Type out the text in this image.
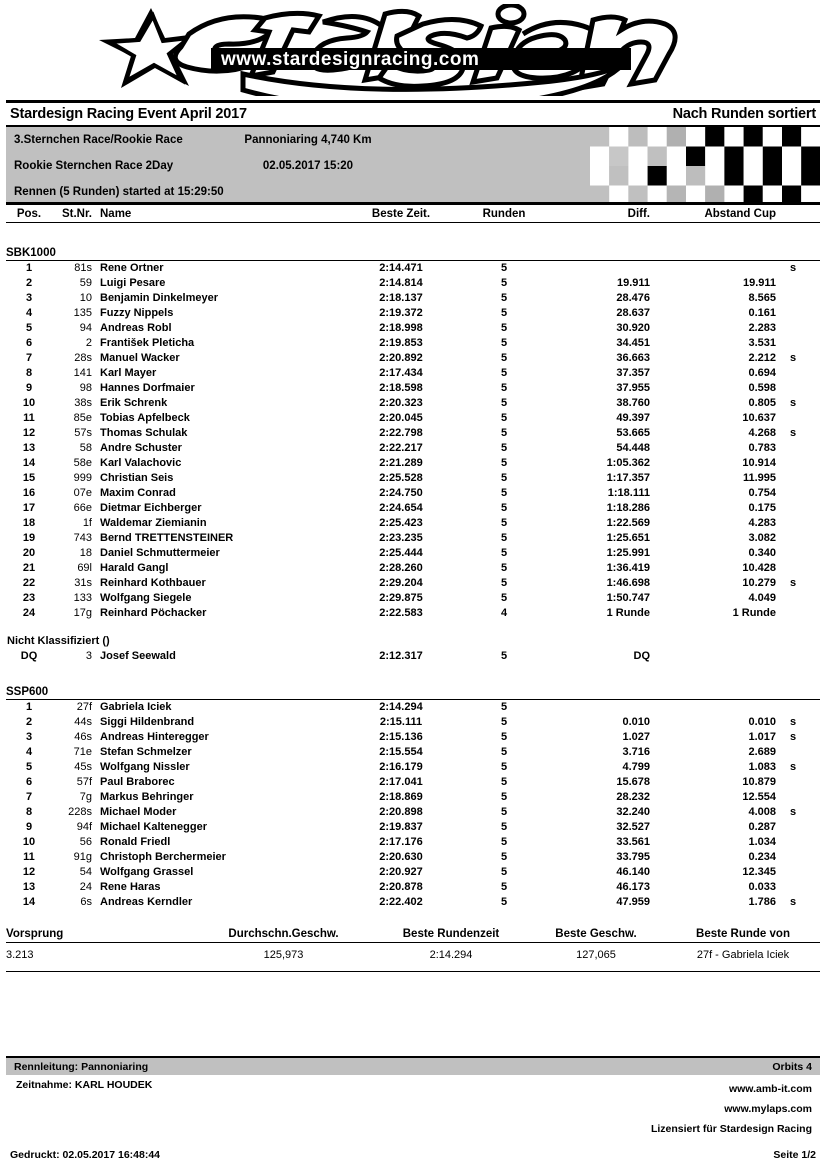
www.stardesignracing.com
Stardesign Racing Event April 2017	Nach Runden sortiert
3.Sternchen Race/Rookie Race	Pannoniaring 4,740 Km
Rookie Sternchen Race 2Day	02.05.2017 15:20
Rennen (5 Runden) started at 15:29:50
Pos.	St.Nr.	Name	Beste Zeit.	Runden	Diff.	Abstand Cup	

SBK1000							
1	81s	Rene Ortner	2:14.471	5			s
2	59	Luigi Pesare	2:14.814	5	19.911	19.911	
3	10	Benjamin Dinkelmeyer	2:18.137	5	28.476	8.565	
4	135	Fuzzy Nippels	2:19.372	5	28.637	0.161	
5	94	Andreas Robl	2:18.998	5	30.920	2.283	
6	2	František Pleticha	2:19.853	5	34.451	3.531	
7	28s	Manuel Wacker	2:20.892	5	36.663	2.212	s
8	141	Karl Mayer	2:17.434	5	37.357	0.694	
9	98	Hannes Dorfmaier	2:18.598	5	37.955	0.598	
10	38s	Erik Schrenk	2:20.323	5	38.760	0.805	s
11	85e	Tobias Apfelbeck	2:20.045	5	49.397	10.637	
12	57s	Thomas Schulak	2:22.798	5	53.665	4.268	s
13	58	Andre Schuster	2:22.217	5	54.448	0.783	
14	58e	Karl Valachovic	2:21.289	5	1:05.362	10.914	
15	999	Christian Seis	2:25.528	5	1:17.357	11.995	
16	07e	Maxim Conrad	2:24.750	5	1:18.111	0.754	
17	66e	Dietmar Eichberger	2:24.654	5	1:18.286	0.175	
18	1f	Waldemar Ziemianin	2:25.423	5	1:22.569	4.283	
19	743	Bernd TRETTENSTEINER	2:23.235	5	1:25.651	3.082	
20	18	Daniel Schmuttermeier	2:25.444	5	1:25.991	0.340	
21	69l	Harald Gangl	2:28.260	5	1:36.419	10.428	
22	31s	Reinhard Kothbauer	2:29.204	5	1:46.698	10.279	s
23	133	Wolfgang Siegele	2:29.875	5	1:50.747	4.049	
24	17g	Reinhard Pöchacker	2:22.583	4	1 Runde	1 Runde	
Nicht Klassifiziert ()							
DQ	3	Josef Seewald	2:12.317	5	DQ		

SSP600							
1	27f	Gabriela Iciek	2:14.294	5			
2	44s	Siggi Hildenbrand	2:15.111	5	0.010	0.010	s
3	46s	Andreas Hinteregger	2:15.136	5	1.027	1.017	s
4	71e	Stefan Schmelzer	2:15.554	5	3.716	2.689	
5	45s	Wolfgang Nissler	2:16.179	5	4.799	1.083	s
6	57f	Paul Braborec	2:17.041	5	15.678	10.879	
7	7g	Markus Behringer	2:18.869	5	28.232	12.554	
8	228s	Michael Moder	2:20.898	5	32.240	4.008	s
9	94f	Michael Kaltenegger	2:19.837	5	32.527	0.287	
10	56	Ronald Friedl	2:17.176	5	33.561	1.034	
11	91g	Christoph Berchermeier	2:20.630	5	33.795	0.234	
12	54	Wolfgang Grassel	2:20.927	5	46.140	12.345	
13	24	Rene Haras	2:20.878	5	46.173	0.033	
14	6s	Andreas Kerndler	2:22.402	5	47.959	1.786	s
Vorsprung	Durchschn.Geschw.	Beste Rundenzeit	Beste Geschw.	Beste Runde von
3.213	125,973	2:14.294	127,065	27f - Gabriela Iciek
Rennleitung: Pannoniaring	Orbits 4
Zeitnahme: KARL HOUDEK	www.amb-it.com
www.mylaps.com
Lizensiert für Stardesign Racing
Gedruckt: 02.05.2017 16:48:44	Seite 1/2
